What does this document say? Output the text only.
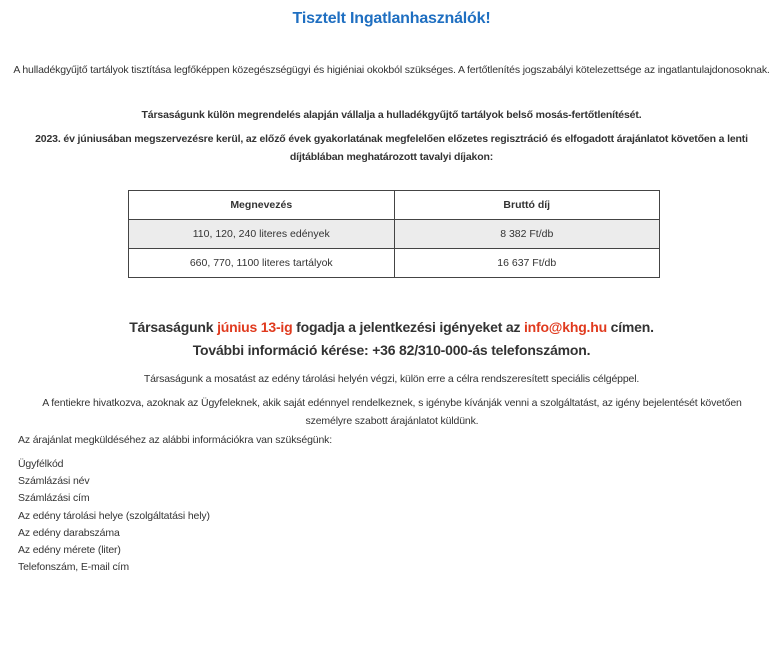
Tisztelt Ingatlanhasználók!
A hulladékgyűjtő tartályok tisztítása legfőképpen közegészségügyi és higiéniai okokból szükséges. A fertőtlenítés jogszabályi kötelezettsége az ingatlantulajdonosoknak.
Társaságunk külön megrendelés alapján vállalja a hulladékgyűjtő tartályok belső mosás-fertőtlenítését.
2023. év júniusában megszervezésre kerül, az előző évek gyakorlatának megfelelően előzetes regisztráció és elfogadott árajánlatot követően a lenti díjtáblában meghatározott tavalyi díjakon:
Megnevezés	Bruttó díj
110, 120, 240 literes edények	8 382 Ft/db
660, 770, 1100 literes tartályok	16 637 Ft/db
Társaságunk június 13-ig fogadja a jelentkezési igényeket az info@khg.hu címen.
További információ kérése: +36 82/310-000-ás telefonszámon.
Társaságunk a mosatást az edény tárolási helyén végzi, külön erre a célra rendszeresített speciális célgéppel.
A fentiekre hivatkozva, azoknak az Ügyfeleknek, akik saját edénnyel rendelkeznek, s igénybe kívánják venni a szolgáltatást, az igény bejelentését követően személyre szabott árajánlatot küldünk.
Az árajánlat megküldéséhez az alábbi információkra van szükségünk:
Ügyfélkód
Számlázási név
Számlázási cím
Az edény tárolási helye (szolgáltatási hely)
Az edény darabszáma
Az edény mérete (liter)
Telefonszám, E-mail cím
